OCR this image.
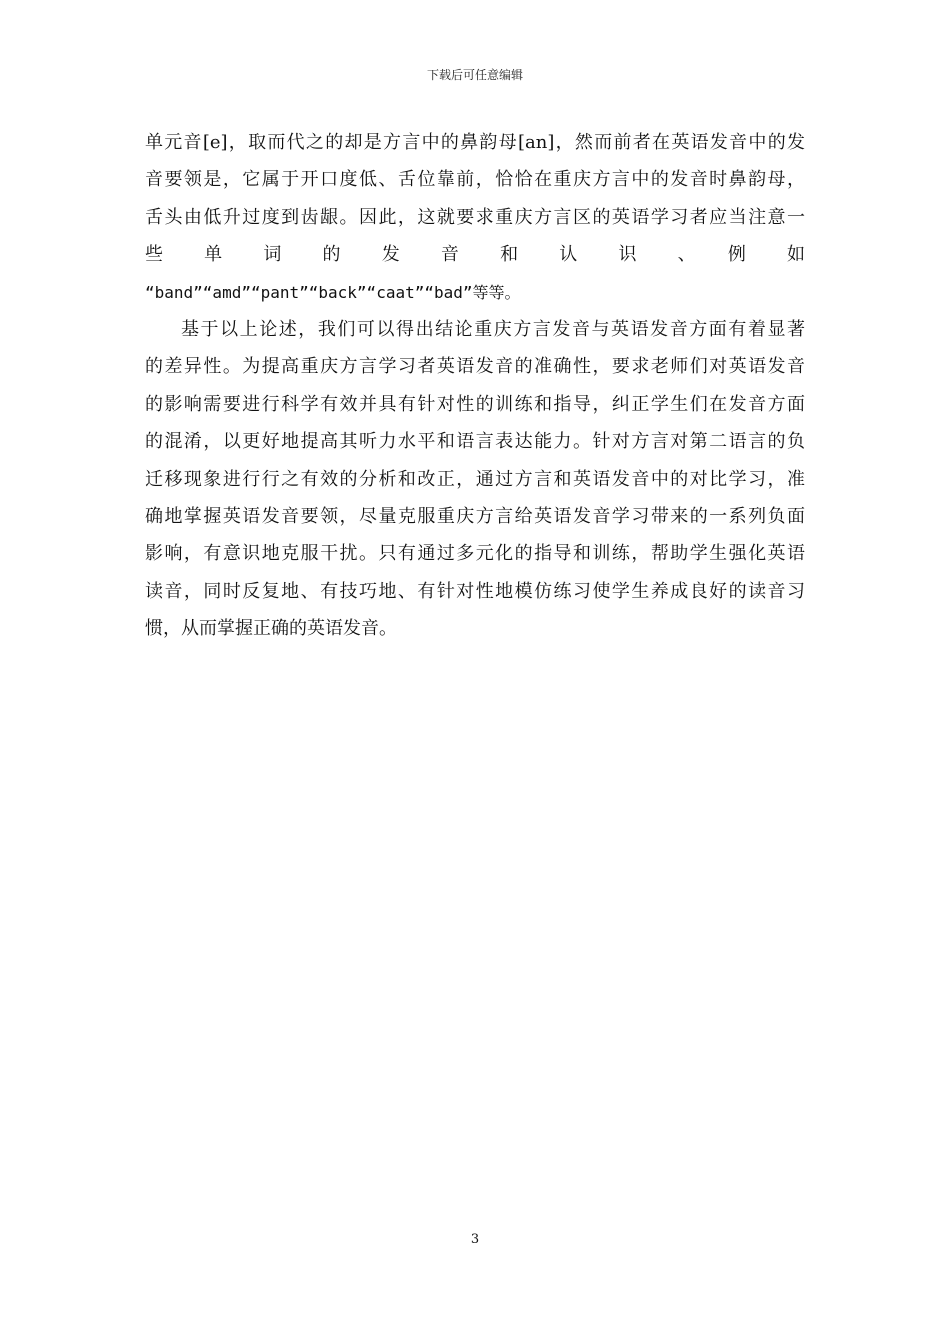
下载后可任意编辑
单元音[e]，取而代之的却是方言中的鼻韵母[an]，然而前者在英语发音中的发
音要领是，它属于开口度低、舌位靠前，恰恰在重庆方言中的发音时鼻韵母，
舌头由低升过度到齿龈。因此，这就要求重庆方言区的英语学习者应当注意一
些　单　词　的　发　音　和　认　识　、　例　如
“band”“amd”“pant”“back”“caat”“bad”等等。
基于以上论述，我们可以得出结论重庆方言发音与英语发音方面有着显著
的差异性。为提高重庆方言学习者英语发音的准确性，要求老师们对英语发音
的影响需要进行科学有效并具有针对性的训练和指导，纠正学生们在发音方面
的混淆，以更好地提高其听力水平和语言表达能力。针对方言对第二语言的负
迁移现象进行行之有效的分析和改正，通过方言和英语发音中的对比学习，准
确地掌握英语发音要领，尽量克服重庆方言给英语发音学习带来的一系列负面
影响，有意识地克服干扰。只有通过多元化的指导和训练，帮助学生强化英语
读音，同时反复地、有技巧地、有针对性地模仿练习使学生养成良好的读音习
惯，从而掌握正确的英语发音。
3
